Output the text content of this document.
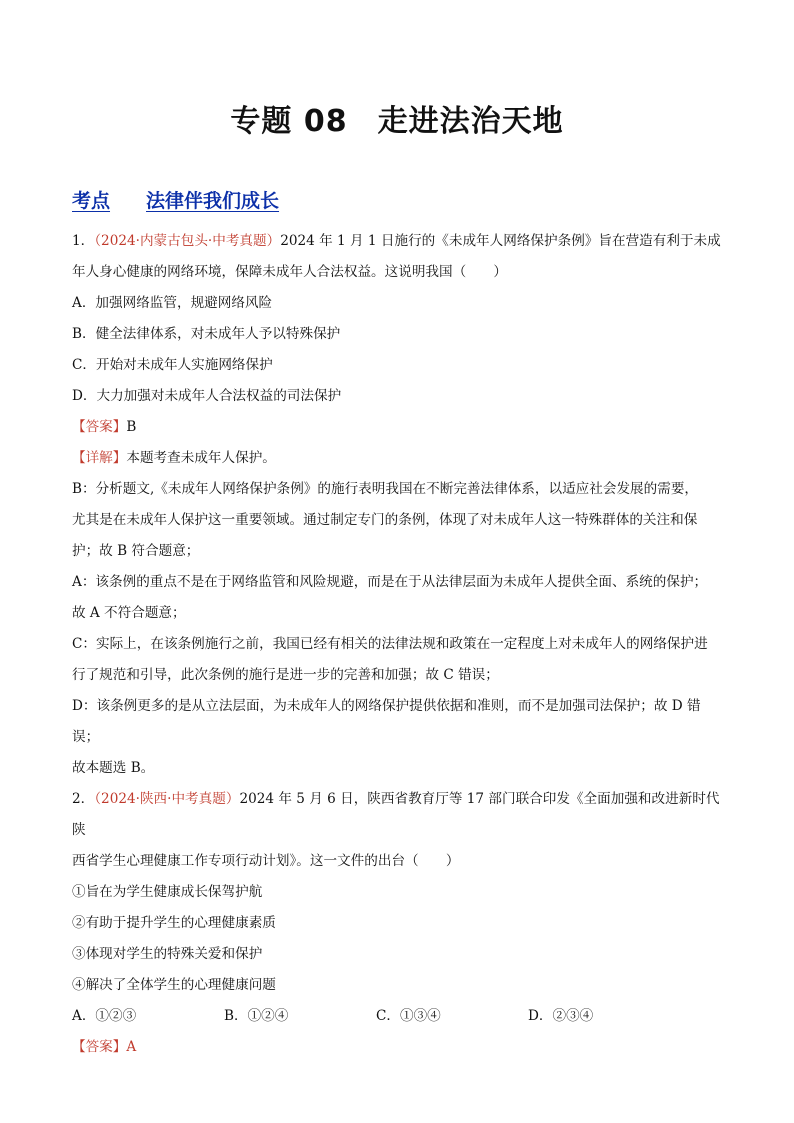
专题 08 走进法治天地
考点 法律伴我们成长

1．（2024·内蒙古包头·中考真题）2024 年 1 月 1 日施行的《未成年人网络保护条例》旨在营造有利于未成

年人身心健康的网络环境，保障未成年人合法权益。这说明我国（　　）

A．加强网络监管，规避网络风险

B．健全法律体系，对未成年人予以特殊保护

C．开始对未成年人实施网络保护

D．大力加强对未成年人合法权益的司法保护

【答案】B

【详解】本题考查未成年人保护。

B：分析题文,《未成年人网络保护条例》的施行表明我国在不断完善法律体系，以适应社会发展的需要，

尤其是在未成年人保护这一重要领域。通过制定专门的条例，体现了对未成年人这一特殊群体的关注和保

护；故 B 符合题意；

A：该条例的重点不是在于网络监管和风险规避，而是在于从法律层面为未成年人提供全面、系统的保护；

故 A 不符合题意；

C：实际上，在该条例施行之前，我国已经有相关的法律法规和政策在一定程度上对未成年人的网络保护进

行了规范和引导，此次条例的施行是进一步的完善和加强；故 C 错误；

D：该条例更多的是从立法层面，为未成年人的网络保护提供依据和准则，而不是加强司法保护；故 D 错

误；

故本题选 B。

2．（2024·陕西·中考真题）2024 年 5 月 6 日，陕西省教育厅等 17 部门联合印发《全面加强和改进新时代陕

西省学生心理健康工作专项行动计划》。这一文件的出台（　　）

①旨在为学生健康成长保驾护航

②有助于提升学生的心理健康素质

③体现对学生的特殊关爱和保护

④解决了全体学生的心理健康问题

A．①②③	B．①②④	C．①③④	D．②③④

【答案】A
